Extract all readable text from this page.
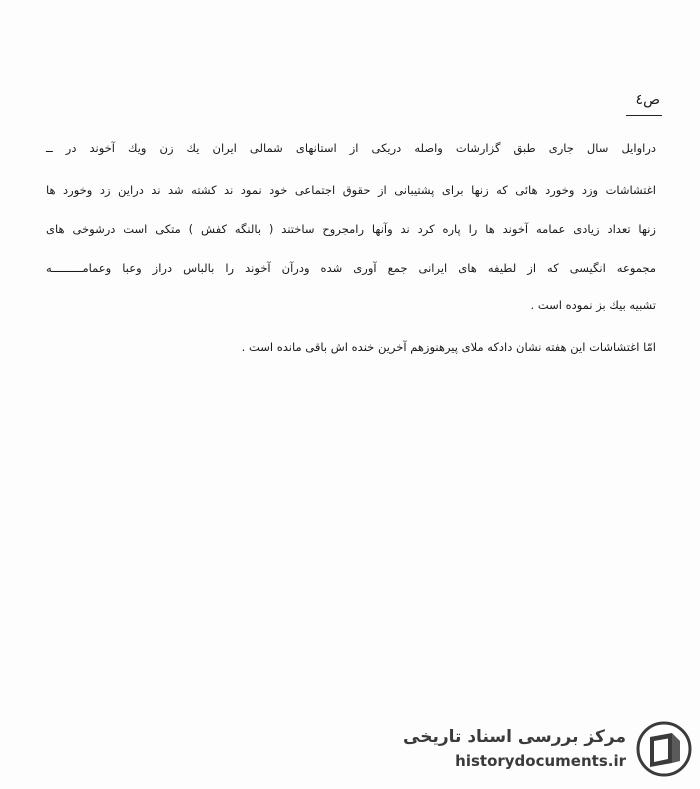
ص٤
دراوایل سال جاری طبق گزارشات واصله دریکی از استانهای شمالی ایران یك زن ویك آخوند در ــ
اغتشاشات وزد وخورد هائی که زنها برای پشتیبانی از حقوق اجتماعی خود نمود ند کشته شد ند دراین زد وخورد ها
زنها تعداد زیادی عمامه آخوند ها را پاره کرد ند وآنها رامجروح ساختند ( بالنگه کفش ) متکی است درشوخی های
مجموعه انگیسی که از لطیفه های ایرانی جمع آوری شده ودرآن آخوند را بالباس دراز وعبا وعمامـــــــــه
تشبیه بیك بز نموده است .
امّا اغتشاشات این هفته نشان دادکه ملای پیرهنوزهم آخرین خنده اش باقی مانده است .
مرکز بررسی اسناد تاریخی
historydocuments.ir
